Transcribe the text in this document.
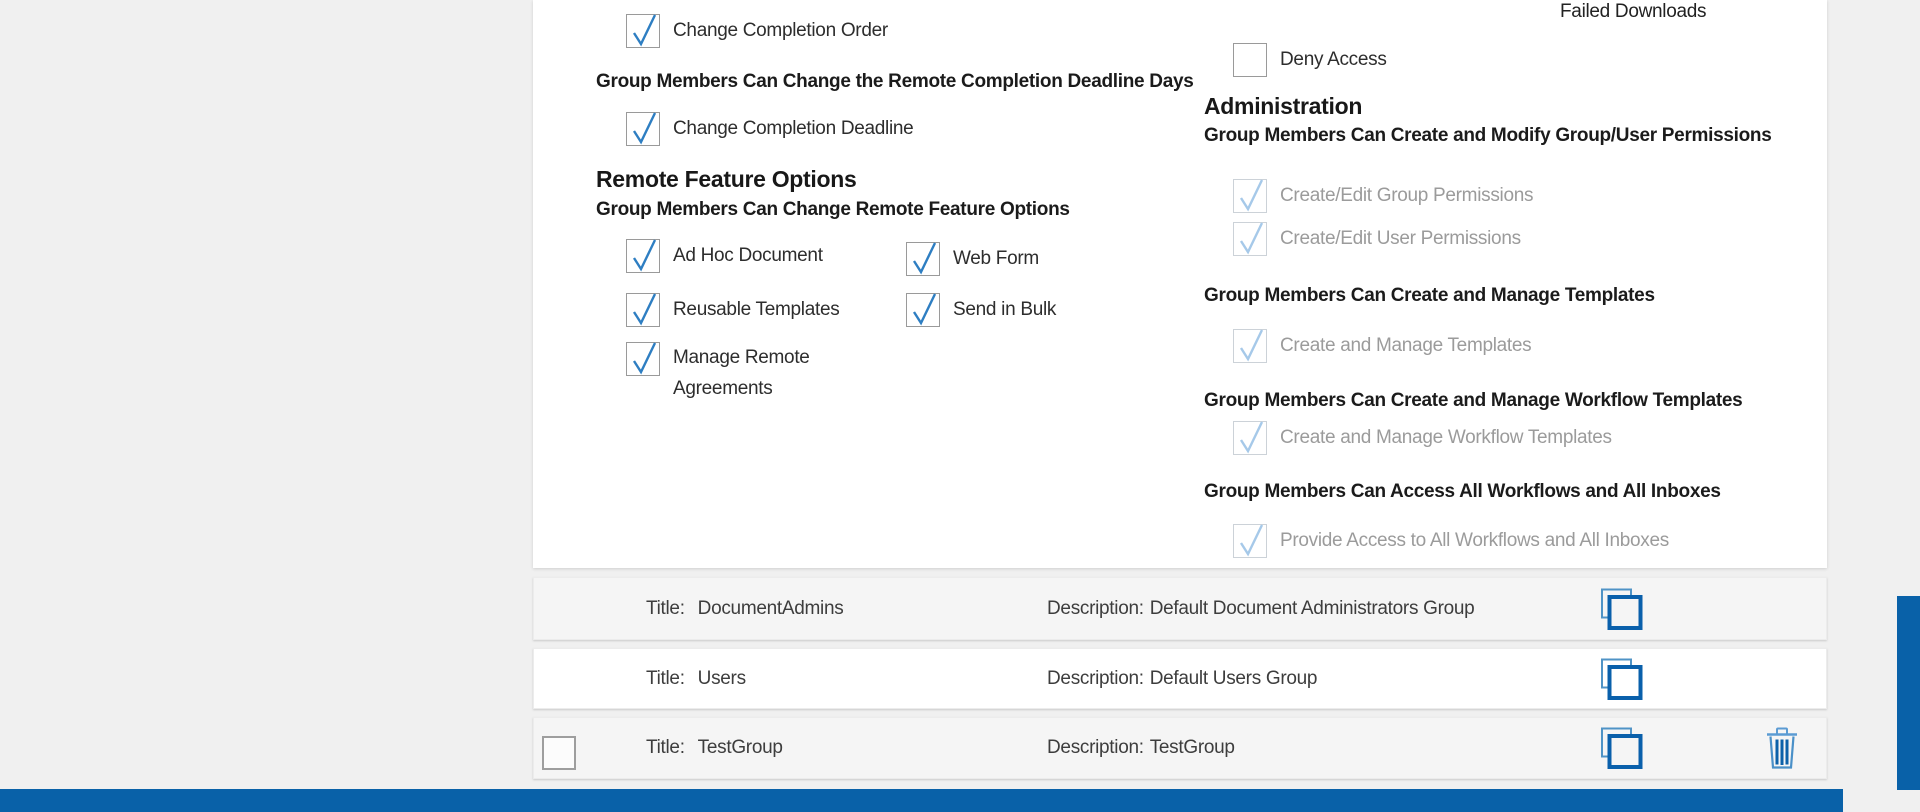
Change Completion Order
Group Members Can Change the Remote Completion Deadline Days
Change Completion Deadline
Remote Feature Options
Group Members Can Change Remote Feature Options
Ad Hoc Document	Web Form
Reusable Templates	Send in Bulk
Manage Remote Agreements
Failed Downloads
Deny Access
Administration
Group Members Can Create and Modify Group/User Permissions
Create/Edit Group Permissions
Create/Edit User Permissions
Group Members Can Create and Manage Templates
Create and Manage Templates
Group Members Can Create and Manage Workflow Templates
Create and Manage Workflow Templates
Group Members Can Access All Workflows and All Inboxes
Provide Access to All Workflows and All Inboxes
Title: DocumentAdmins	Description: Default Document Administrators Group
Title: Users	Description: Default Users Group
Title: TestGroup	Description: TestGroup
